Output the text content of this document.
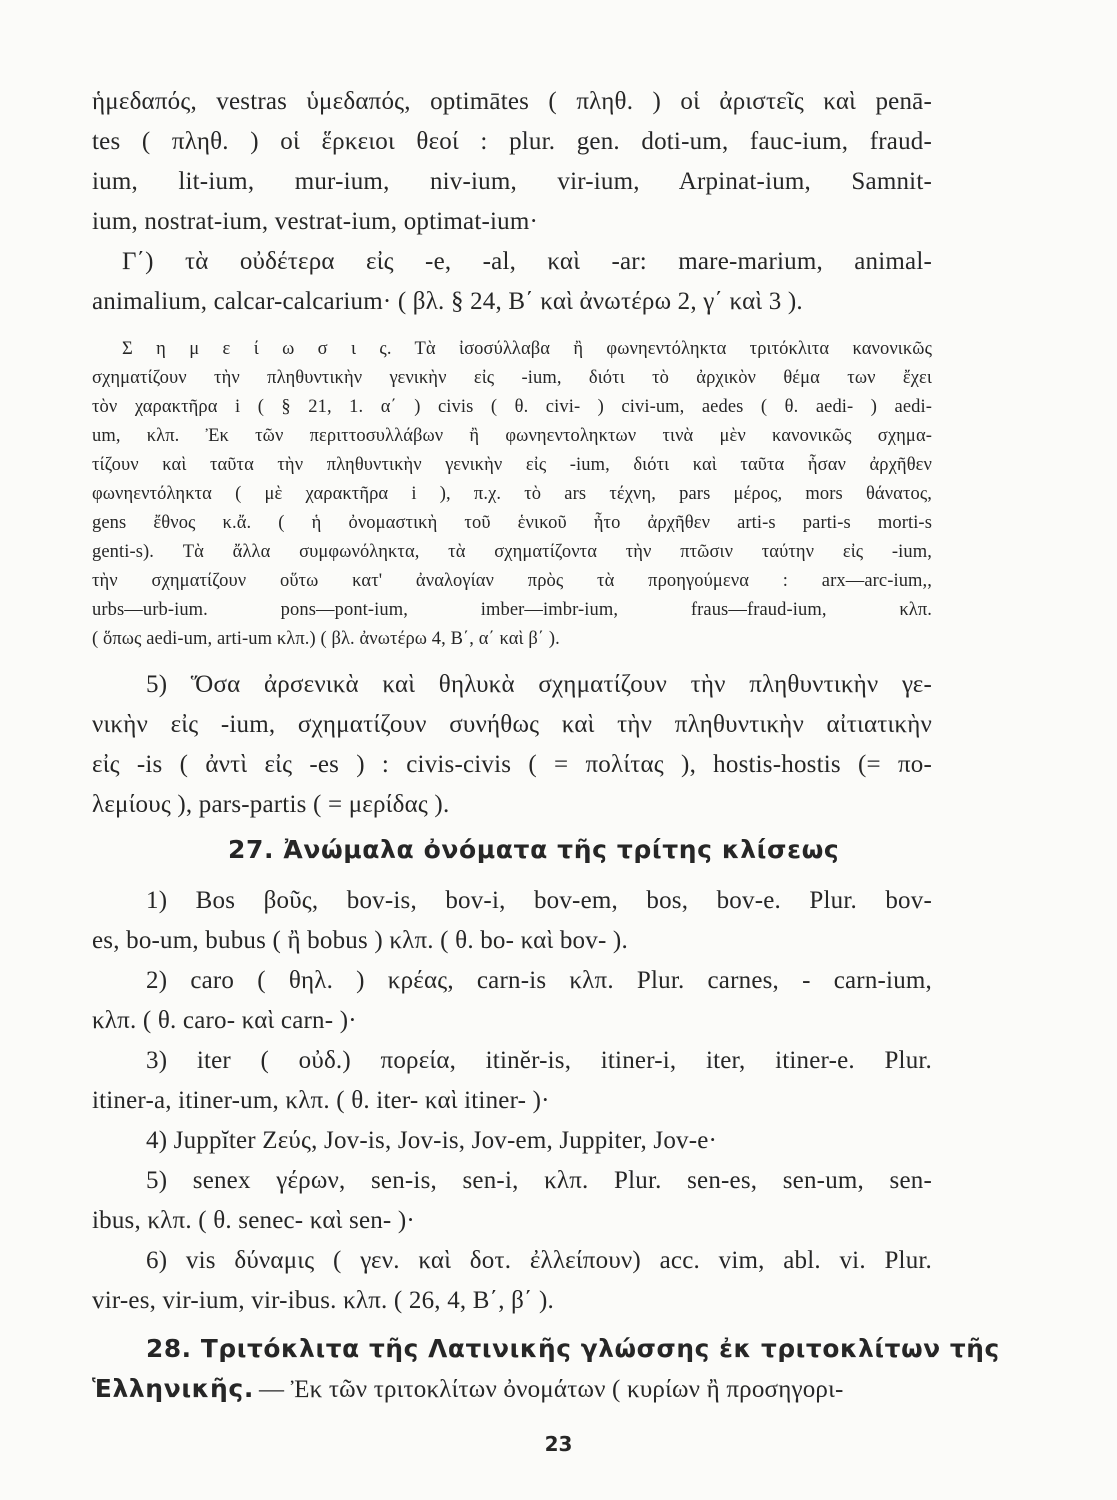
ἡμεδαπός, vestras ὑμεδαπός, optimātes ( πληθ. ) οἱ ἀριστεῖς καὶ penā-
tes ( πληθ. ) οἱ ἕρκειοι θεοί : plur. gen. doti-um, fauc-ium, fraud-
ium, lit-ium, mur-ium, niv-ium, vir-ium, Arpinat-ium, Samnit-
ium, nostrat-ium, vestrat-ium, optimat-ium·
Γ΄) τὰ οὐδέτερα εἰς -e, -al, καὶ -ar: mare-marium, animal-
animalium, calcar-calcarium· ( βλ. § 24, Β΄ καὶ ἀνωτέρω 2, γ΄ καὶ 3 ).
Σ η μ ε ί ω σ ι ς. Τὰ ἰσοσύλλαβα ἢ φωνηεντόληκτα τριτόκλιτα κανονικῶς
σχηματίζουν τὴν πληθυντικὴν γενικὴν εἰς -ium, διότι τὸ ἀρχικὸν θέμα των ἔχει
τὸν χαρακτῆρα i ( § 21, 1. α΄ ) civis ( θ. civi- ) civi-um, aedes ( θ. aedi- ) aedi-
um, κλπ. Ἐκ τῶν περιττοσυλλάβων ἢ φωνηεντοληκτων τινὰ μὲν κανονικῶς σχημα-
τίζουν καὶ ταῦτα τὴν πληθυντικὴν γενικὴν εἰς -ium, διότι καὶ ταῦτα ἦσαν ἀρχῆθεν
φωνηεντόληκτα ( μὲ χαρακτῆρα i ), π.χ. τὸ ars τέχνη, pars μέρος, mors θάνατος,
gens ἔθνος κ.ἄ. ( ἡ ὀνομαστικὴ τοῦ ἑνικοῦ ἦτο ἀρχῆθεν arti-s parti-s morti-s
genti-s). Τὰ ἄλλα συμφωνόληκτα, τὰ σχηματίζοντα τὴν πτῶσιν ταύτην εἰς -ium,
τὴν σχηματίζουν οὕτω κατ' ἀναλογίαν πρὸς τὰ προηγούμενα : arx—arc-ium,,
urbs—urb-ium. pons—pont-ium, imber—imbr-ium, fraus—fraud-ium, κλπ.
( ὅπως aedi-um, arti-um κλπ.) ( βλ. ἀνωτέρω 4, Β΄, α΄ καὶ β΄ ).
5) Ὅσα ἀρσενικὰ καὶ θηλυκὰ σχηματίζουν τὴν πληθυντικὴν γε-
νικὴν εἰς -ium, σχηματίζουν συνήθως καὶ τὴν πληθυντικὴν αἰτιατικὴν
εἰς -is ( ἀντὶ εἰς -es ) : civis-civis ( = πολίτας ), hostis-hostis (= πο-
λεμίους ), pars-partis ( = μερίδας ).
27. Ἀνώμαλα ὀνόματα τῆς τρίτης κλίσεως
1) Bos βοῦς, bov-is, bov-i, bov-em, bos, bov-e. Plur. bov-
es, bo-um, bubus ( ἢ bobus ) κλπ. ( θ. bo- καὶ bov- ).
2) caro ( θηλ. ) κρέας, carn-is κλπ. Plur. carnes, - carn-ium,
κλπ. ( θ. caro- καὶ carn- )·
3) iter ( οὐδ.) πορεία, itinĕr-is, itiner-i, iter, itiner-e. Plur.
itiner-a, itiner-um, κλπ. ( θ. iter- καὶ itiner- )·
4) Juppĭter Ζεύς, Jov-is, Jov-is, Jov-em, Juppiter, Jov-e·
5) senex γέρων, sen-is, sen-i, κλπ. Plur. sen-es, sen-um, sen-
ibus, κλπ. ( θ. senec- καὶ sen- )·
6) vis δύναμις ( γεν. καὶ δοτ. ἐλλείπουν) acc. vim, abl. vi. Plur.
vir-es, vir-ium, vir-ibus. κλπ. ( 26, 4, Β΄, β΄ ).
28. Τριτόκλιτα τῆς Λατινικῆς γλώσσης ἐκ τριτοκλίτων τῆς
Ἑλληνικῆς. — Ἐκ τῶν τριτοκλίτων ὀνομάτων ( κυρίων ἢ προσηγορι-
23
